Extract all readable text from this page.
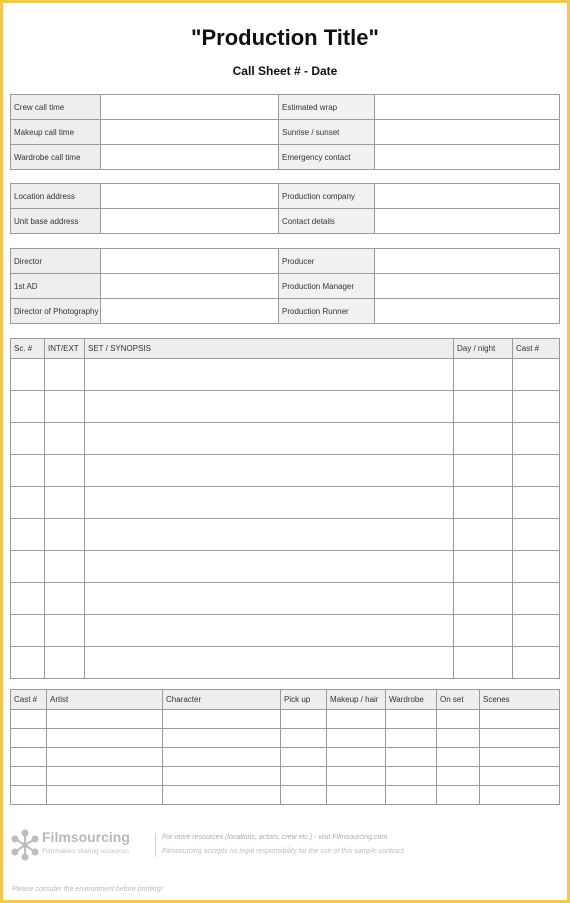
"Production Title"
Call Sheet # - Date
Crew call time		Estimated wrap	
Makeup call time		Sunrise / sunset	
Wardrobe call time		Emergency contact	
Location address		Production company	
Unit base address		Contact details	
Director		Producer	
1st AD		Production Manager	
Director of Photography		Production Runner	
Sc. #	INT/EXT	SET / SYNOPSIS	Day / night	Cast #

Cast #	Artist	Character	Pick up	Makeup / hair	Wardrobe	On set	Scenes

Filmsourcing
Filmmakers sharing resources
For more resources (locations, actors, crew etc.) - visit Filmsourcing.com
Filmsourcing accepts no legal responsibility for the use of this sample contract.
Please consider the environment before printing!
